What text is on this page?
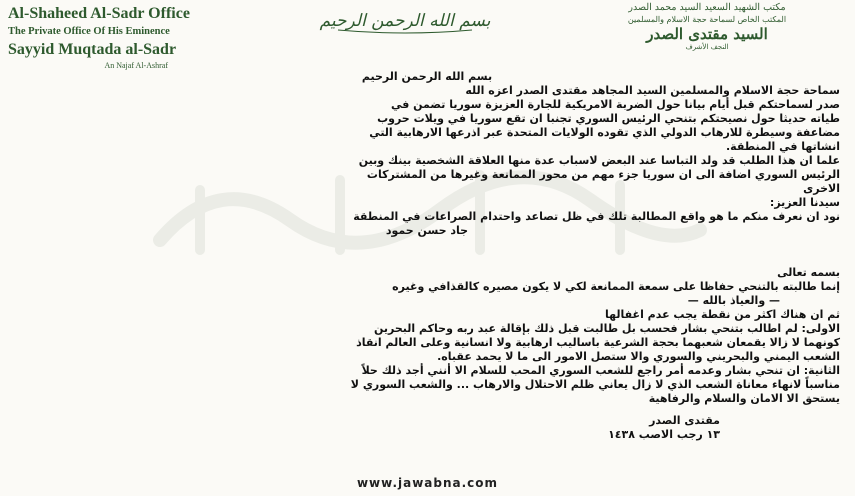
Al-Shaheed Al-Sadr Office

The Private Office Of His Eminence

Sayyid Muqtada al-Sadr

An Najaf Al-Ashraf

بسم الله الرحمن الرحيم

مكتب الشهيد السعيد السيد محمد الصدر

المكتب الخاص لسماحة حجة الاسلام والمسلمين

السيد مقتدى الصدر

النجف الأشرف

بسم الله الرحمن الرحيم

سماحة حجة الاسلام والمسلمين السيد المجاهد مقتدى الصدر اعزه الله

صدر لسماحتكم قبل أيام بيانا حول الضربة الامريكية للجارة العزيزة سوريا تضمن في

طياته حديثا حول نصيحتكم بتنحي الرئيس السوري تجنبا ان تقع سوريا في ويلات حروب

مضاعفة وسيطرة للارهاب الدولي الذي تقوده الولايات المتحدة عبر اذرعها الارهابية التي

انشاتها في المنطقة.

علما ان هذا الطلب قد ولد التباسا عند البعض لاسباب عدة منها العلاقة الشخصية بينك وبين

الرئيس السوري اضافة الى ان سوريا جزء مهم من محور الممانعة وغيرها من المشتركات

الاخرى

سيدنا العزيز:

نود ان نعرف منكم ما هو واقع المطالبة تلك في ظل تصاعد واحتدام الصراعات في المنطقة

جاد حسن حمود

بسمه تعالى

إنما طالبته بالتنحي حفاظا على سمعة الممانعة لكي لا يكون مصيره كالقذافي وغيره

— والعياذ بالله —

ثم ان هناك اكثر من نقطة يجب عدم اغفالها

الاولى: لم اطالب بتنحي بشار فحسب بل طالبت قبل ذلك بإقالة عبد ربه وحاكم البحرين

كونهما لا زالا يقمعان شعبهما بحجة الشرعية باساليب ارهابية ولا انسانية وعلى العالم انقاذ

الشعب اليمني والبحريني والسوري والا ستصل الامور الى ما لا يحمد عقباه.

الثانية: ان تنحي بشار وعدمه أمر راجع للشعب السوري المحب للسلام الا أنني أجد ذلك حلاً

مناسباً لانهاء معاناة الشعب الذي لا زال يعاني ظلم الاحتلال والارهاب ... والشعب السوري لا

يستحق الا الامان والسلام والرفاهية

مقتدى الصدر

١٣ رجب الاصب ١٤٣٨

www.jawabna.com
